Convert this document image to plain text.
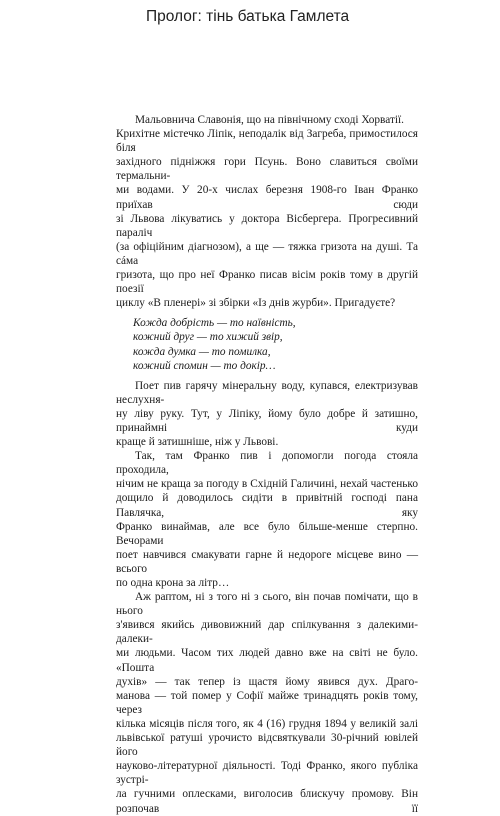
Пролог: тінь батька Гамлета
Мальовнича Славонія, що на північному сході Хорватії.
Крихітне містечко Ліпік, неподалік від Загреба, примостилося біля
західного підніжжя гори Псунь. Воно славиться своїми термальни-
ми водами. У 20-х числах березня 1908-го Іван Франко приїхав сюди
зі Львова лікуватись у доктора Вісбергера. Прогресивний параліч
(за офіційним діагнозом), а ще — тяжка гризота на душі. Та сáма
гризота, що про неї Франко писав вісім років тому в другій поезії
циклу «В пленері» зі збірки «Із днів журби». Пригадуєте?
Кожда добрість — то наївність,
кожний друг — то хижий звір,
кожда думка — то помилка,
кожний спомин — то докір…
Поет пив гарячу мінеральну воду, купався, електризував неслухня-
ну ліву руку. Тут, у Ліпіку, йому було добре й затишно, принаймні куди
краще й затишніше, ніж у Львові.
Так, там Франко пив і допомогли погода стояла проходила,
нічим не краща за погоду в Східній Галичині, нехай частенько
дощило й доводилось сидіти в привітній господі пана Павлячка, яку
Франко винаймав, але все було більше-менше стерпно. Вечорами
поет навчився смакувати гарне й недороге місцеве вино — всього
по одна крона за літр…
Аж раптом, ні з того ні з сього, він почав помічати, що в нього
з'явився якийсь дивовижний дар спілкування з далекими-далеки-
ми людьми. Часом тих людей давно вже на світі не було. «Пошта
духів» — так тепер із щастя йому явився дух. Драго-
манова — той помер у Софії майже тринадцять років тому, через
кілька місяців після того, як 4 (16) грудня 1894 у великій залі
львівської ратуші урочисто відсвяткували 30-річний ювілей його
науково-літературної діяльності. Тоді Франко, якого публіка зустрі-
ла гучними оплесками, виголосив блискучу промову. Він розпочав її
